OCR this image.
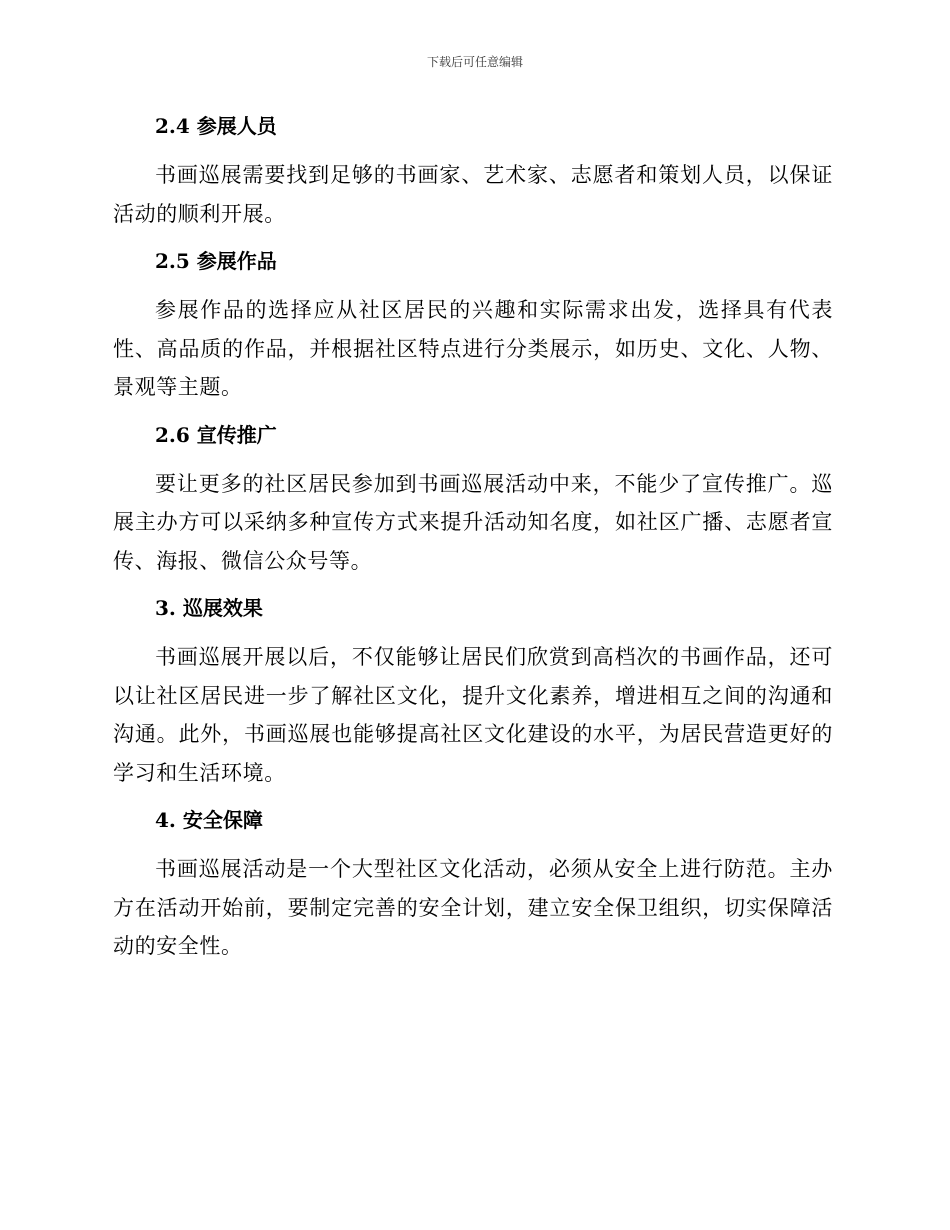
下载后可任意编辑
2.4 参展人员

书画巡展需要找到足够的书画家、艺术家、志愿者和策划人员，以保证活动的顺利开展。

2.5 参展作品

参展作品的选择应从社区居民的兴趣和实际需求出发，选择具有代表性、高品质的作品，并根据社区特点进行分类展示，如历史、文化、人物、景观等主题。

2.6 宣传推广

要让更多的社区居民参加到书画巡展活动中来，不能少了宣传推广。巡展主办方可以采纳多种宣传方式来提升活动知名度，如社区广播、志愿者宣传、海报、微信公众号等。

3. 巡展效果

书画巡展开展以后，不仅能够让居民们欣赏到高档次的书画作品，还可以让社区居民进一步了解社区文化，提升文化素养，增进相互之间的沟通和沟通。此外，书画巡展也能够提高社区文化建设的水平，为居民营造更好的学习和生活环境。

4. 安全保障

书画巡展活动是一个大型社区文化活动，必须从安全上进行防范。主办方在活动开始前，要制定完善的安全计划，建立安全保卫组织，切实保障活动的安全性。
